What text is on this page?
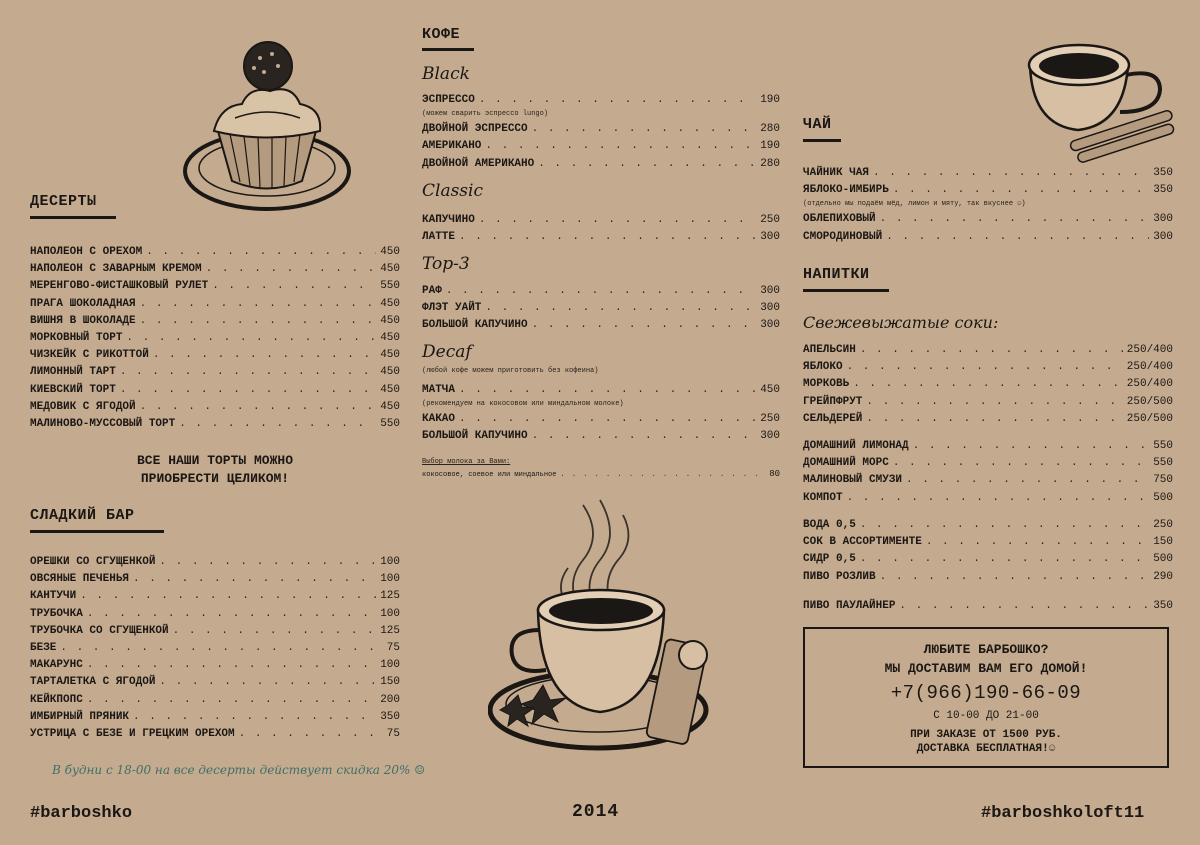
ДЕСЕРТЫ
НАПОЛЕОН С ОРЕХОМ . . .	450
НАПОЛЕОН С ЗАВАРНЫМ КРЕМОМ . . .	450
МЕРЕНГОВО-ФИСТАШКОВЫЙ РУЛЕТ . . .	550
ПРАГА ШОКОЛАДНАЯ . . .	450
ВИШНЯ В ШОКОЛАДЕ . . .	450
МОРКОВНЫЙ ТОРТ . . .	450
ЧИЗКЕЙК С РИКОТТОЙ . . .	450
ЛИМОННЫЙ ТАРТ . . .	450
КИЕВСКИЙ ТОРТ . . .	450
МЕДОВИК С ЯГОДОЙ . . .	450
МАЛИНОВО-МУССОВЫЙ ТОРТ . . .	550
ВСЕ НАШИ ТОРТЫ МОЖНО
ПРИОБРЕСТИ ЦЕЛИКОМ!
СЛАДКИЙ БАР
ОРЕШКИ СО СГУЩЕНКОЙ . . .	100
ОВСЯНЫЕ ПЕЧЕНЬЯ . . .	100
КАНТУЧИ . . .	125
ТРУБОЧКА . . .	100
ТРУБОЧКА СО СГУЩЕНКОЙ . . .	125
БЕЗЕ . . .	75
МАКАРУНС . . .	100
ТАРТАЛЕТКА С ЯГОДОЙ . . .	150
КЕЙКПОПС . . .	200
ИМБИРНЫЙ ПРЯНИК . . .	350
УСТРИЦА С БЕЗЕ И ГРЕЦКИМ ОРЕХОМ . . .	75
В будни с 18-00 на все десерты действует скидка 20% ☺
КОФЕ
Black
ЭСПРЕССО . . .	190
(можем сварить эспрессо lungo)
ДВОЙНОЙ ЭСПРЕССО . . .	280
АМЕРИКАНО . . .	190
ДВОЙНОЙ АМЕРИКАНО . . .	280
Classic
КАПУЧИНО . . .	250
ЛАТТЕ . . .	300
Top-3
РАФ . . .	300
ФЛЭТ УАЙТ . . .	300
БОЛЬШОЙ КАПУЧИНО . . .	300
Decaf
(любой кофе можем приготовить без кофеина)
МАТЧА . . .	450
(рекомендуем на кокосовом или миндальном молоке)
КАКАО . . .	250
БОЛЬШОЙ КАПУЧИНО . . .	300
Выбор молока за Вами:
кокосовое, соевое или миндальное . . .	80
ЧАЙ
ЧАЙНИК ЧАЯ . . .	350
ЯБЛОКО-ИМБИРЬ . . .	350
(отдельно мы подаём мёд, лимон и мяту, так вкуснее ☺)
ОБЛЕПИХОВЫЙ . . .	300
СМОРОДИНОВЫЙ . . .	300
НАПИТКИ
Свежевыжатые соки:
АПЕЛЬСИН . . .	250/400
ЯБЛОКО . . .	250/400
МОРКОВЬ . . .	250/400
ГРЕЙПФРУТ . . .	250/500
СЕЛЬДЕРЕЙ . . .	250/500
ДОМАШНИЙ ЛИМОНАД . . .	550
ДОМАШНИЙ МОРС . . .	550
МАЛИНОВЫЙ СМУЗИ . . .	750
КОМПОТ . . .	500
ВОДА 0,5 . . .	250
СОК В АССОРТИМЕНТЕ . . .	150
СИДР 0,5 . . .	500
ПИВО РОЗЛИВ . . .	290
ПИВО ПАУЛАЙНЕР . . .	350
ЛЮБИТЕ БАРБОШКО?
МЫ ДОСТАВИМ ВАМ ЕГО ДОМОЙ!
+7(966)190-66-09
С 10-00 ДО 21-00
ПРИ ЗАКАЗЕ ОТ 1500 РУБ.
ДОСТАВКА БЕСПЛАТНАЯ!☺
#barboshko	2014	#barboshkoloft11
